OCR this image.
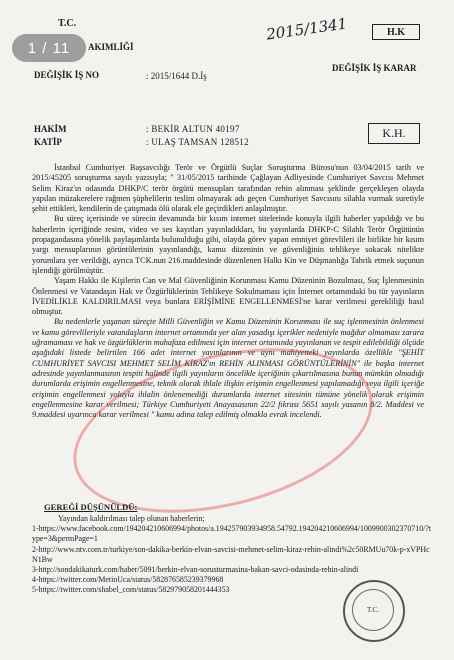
1 / 11
T.C.
AKIMLİĞİ
2015/1341	H.K
DEĞİŞİK İŞ KARAR
DEĞİŞİK İŞ NO	: 2015/1644 D.İş
HAKİM	: BEKİR ALTUN 40197
KATİP	: ULAŞ TAMSAN 128512
K.H.

İstanbul Cumhuriyet Başsavcılığı Terör ve Örgütlü Suçlar Soruşturma Bürosu'nun 03/04/2015 tarih ve 2015/45205 soruşturma sayılı yazısıyla; " 31/05/2015 tarihinde Çağlayan Adliyesinde Cumhuriyet Savcısı Mehmet Selim Kiraz'ın odasında DHKP/C terör örgütü mensupları tarafından rehin alınması şeklinde gerçekleşen olayda yapılan müzakerelere rağmen şüphelilerin teslim olmayarak adı geçen Cumhuriyet Savcısını silahla vurmak suretiyle şehit ettikleri, kendilerin de çatışmada ölü olarak ele geçirdikleri anlaşılmıştır.

Bu süreç içerisinde ve sürecin devamında bir kısım internet sitelerinde konuyla ilgili haberler yapıldığı ve bu haberlerin içeriğinde resim, video ve ses kayıtları yayınladıkları, bu yayınlarda DHKP-C Silahlı Terör Örgütünün propagandasına yönelik paylaşımlarda bulunulduğu gibi, olayda görev yapan emniyet görevlileri ile birlikte bir kısım yargı mensuplarının görüntülerinin yayınlandığı, kamu düzeninin ve güvenliğinin tehlikeye sokacak nitelikte yorumlara yer verildiği, ayrıca TCK.nun 216.maddesinde düzenlenen Halkı Kin ve Düşmanlığa Tahrik etmek suçunun işlendiği görülmüştür.

Yaşam Hakkı ile Kişilerin Can ve Mal Güvenliğinin Korunması Kamu Düzeninin Bozulması, Suç İşlenmesinin Önlenmesi ve Vatandaşın Hak ve Özgürlüklerinin Tehlikeye Sokulmaması için İnternet ortamındaki bu tür yayınların İVEDİLİKLE KALDIRILMASI veya bunlara ERİŞİMİNE ENGELLENMESİ'ne karar verilmesi gerekliliği hasıl olmuştur.

Bu nedenlerle yaşanan süreçte Milli Güvenliğin ve Kamu Düzeninin Korunması ile suç işlenmesinin önlenmesi ve kamu görevlileriyle vatandaşların internet ortamında yer alan yasadışı içerikler nedeniyle mağdur olmaması zarara uğramaması ve hak ve özgürlüklerin muhafaza edilmesi için internet ortamında yayınlanan ve tespit edilebildiği ölçüde aşağıdaki listede belirtilen 166 adet internet yayınlarının ve aynı mahiyetteki yayınlarda özellikle "ŞEHİT CUMHURİYET SAVCISI MEHMET SELİM KİRAZ'ın REHİN ALINMASI GÖRÜNTÜLERİNİN" ile başka internet adresinde yayınlanmasının tespiti halinde ilgili yayınların öncelikle içeriğinin çıkartılmasına bunun mümkün olmadığı durumlarda erişimin engellenmesine, teknik olarak ihlale ilişkin erişimin engellenmesi yapılamadığı veya ilgili içeriğe erişimin engellenmesi yoluyla ihlalin önlenemediği durumlarda internet sitesinin tümüne yönelik olarak erişimin engellenmesine karar verilmesi; Türkiye Cumhuriyeti Anayasasının 22/2 fıkrası 5651 sayılı yasanın 8/2. Maddesi ve 9.maddesi uyarınca karar verilmesi " kamu adına talep edilmiş olmakla evrak incelendi.

GEREĞİ DÜŞÜNÜLDÜ:
Yayından kaldırılması talep olunan haberlerin;
1-https://www.facebook.com/194204210606994/photos/a.194257903934958.54792.194204210606994/1009900302370710/?type=3&permPage=1
2-http://www.ntv.com.tr/turkiye/son-dakika-berkin-elvan-savcisi-mehmet-selim-kiraz-rehin-alindi%2c50RMUu70k-p-xVPHcN1Bw
3-http://sondakikaturk.com/haber/5091/berkin-elvan-sorusturmasina-bakan-savci-odasinda-rehin-alindi
4-https://twitter.com/MetinUca/status/582876585239379968
5-https://twitter.com/shabel_com/status/582979058201444353
T.C.
